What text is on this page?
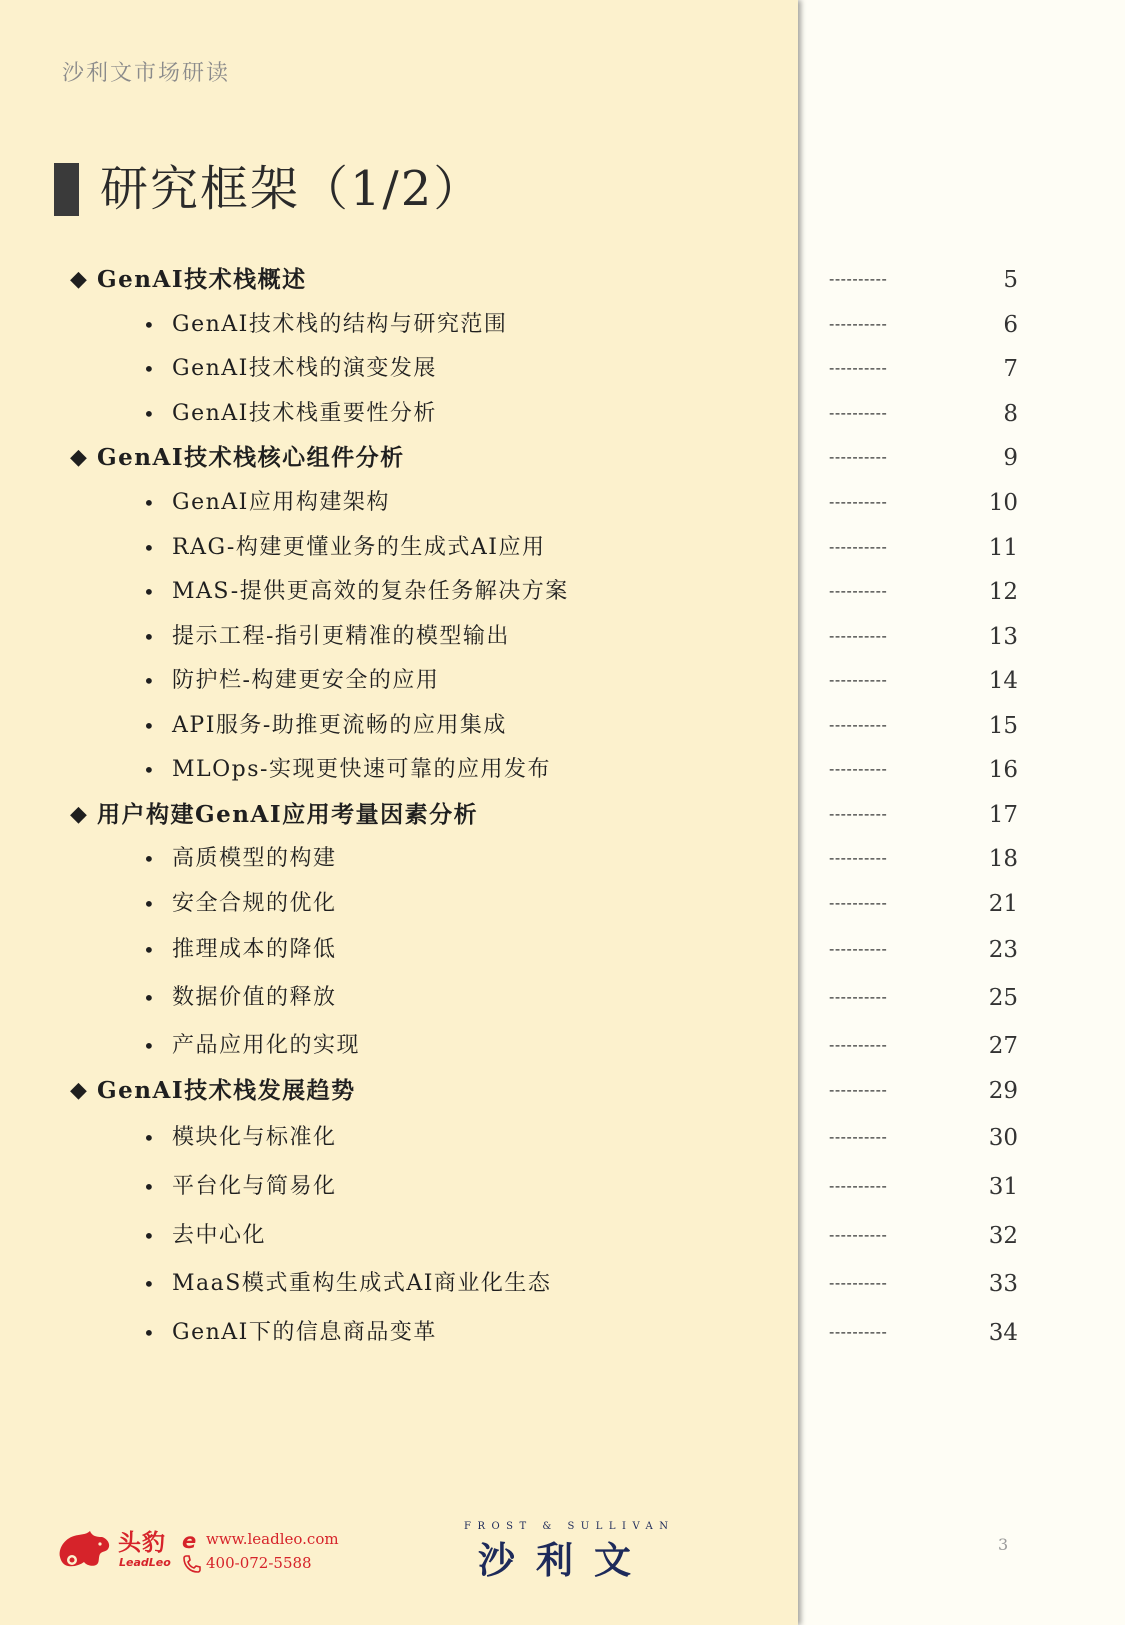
沙利文市场研读
研究框架（1/2）
◆ GenAI技术栈概述	----------	5
• GenAI技术栈的结构与研究范围	----------	6
• GenAI技术栈的演变发展	----------	7
• GenAI技术栈重要性分析	----------	8
◆ GenAI技术栈核心组件分析	----------	9
• GenAI应用构建架构	----------	10
• RAG-构建更懂业务的生成式AI应用	----------	11
• MAS-提供更高效的复杂任务解决方案	----------	12
• 提示工程-指引更精准的模型输出	----------	13
• 防护栏-构建更安全的应用	----------	14
• API服务-助推更流畅的应用集成	----------	15
• MLOps-实现更快速可靠的应用发布	----------	16
◆ 用户构建GenAI应用考量因素分析	----------	17
• 高质模型的构建	----------	18
• 安全合规的优化	----------	21
• 推理成本的降低	----------	23
• 数据价值的释放	----------	25
• 产品应用化的实现	----------	27
◆ GenAI技术栈发展趋势	----------	29
• 模块化与标准化	----------	30
• 平台化与简易化	----------	31
• 去中心化	----------	32
• MaaS模式重构生成式AI商业化生态	----------	33
• GenAI下的信息商品变革	----------	34
头豹
LeadLeo
e www.leadleo.com
400-072-5588
FROST & SULLIVAN
沙利文	3
